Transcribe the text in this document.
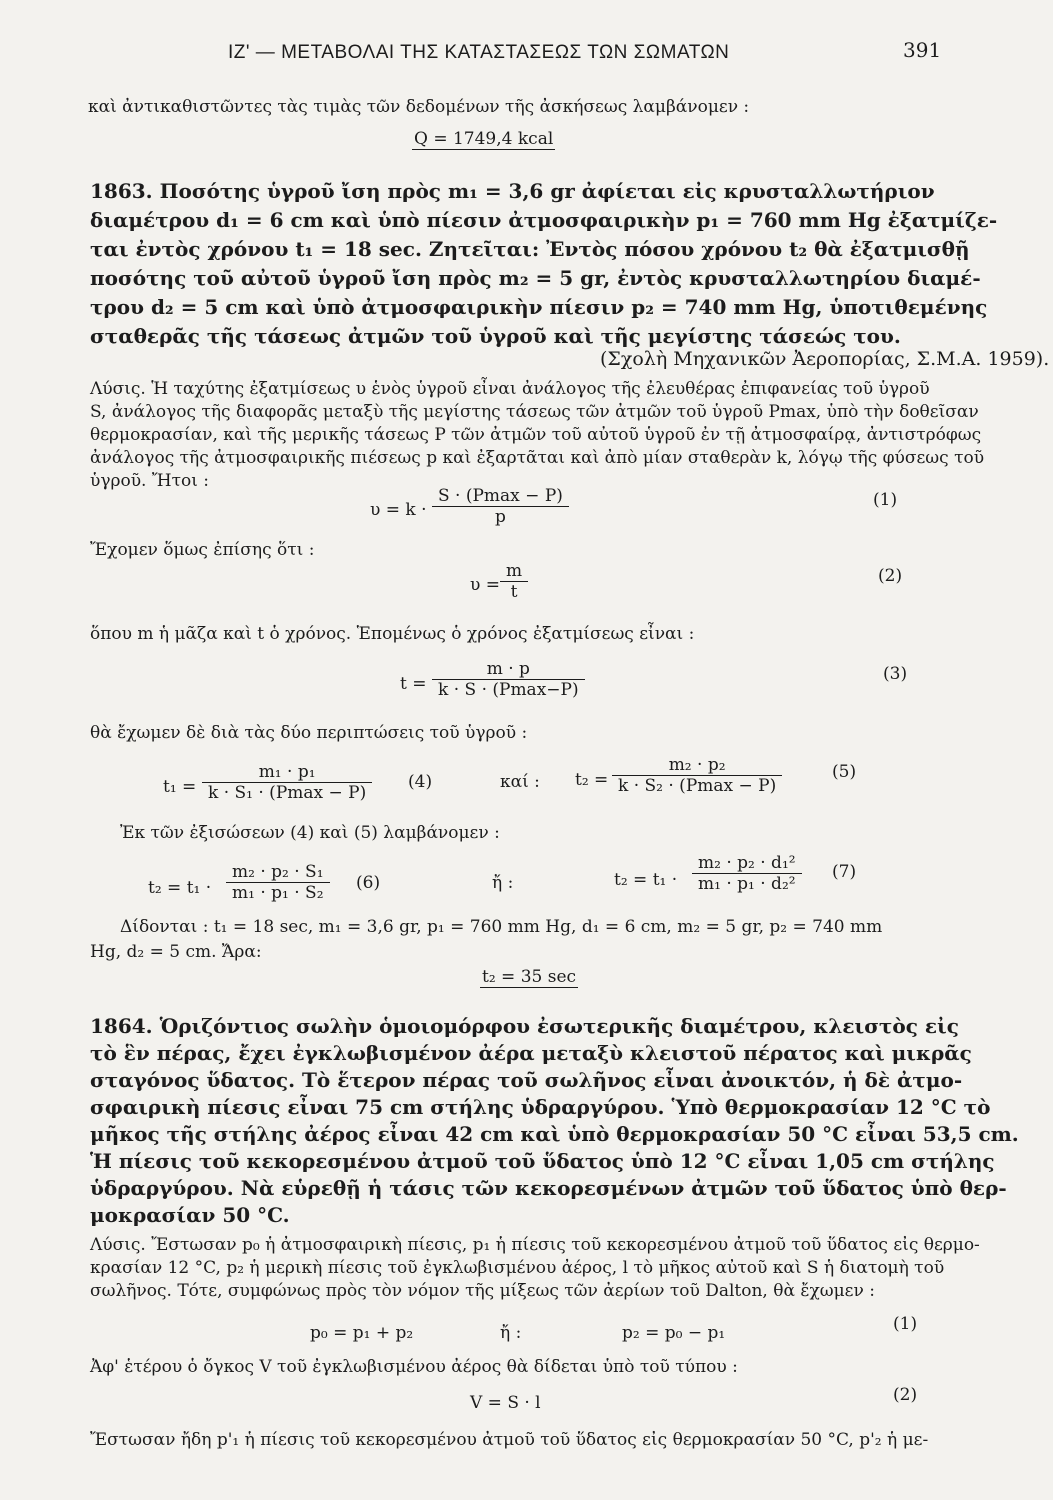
ΙΖ' — ΜΕΤΑΒΟΛΑΙ ΤΗΣ ΚΑΤΑΣΤΑΣΕΩΣ ΤΩΝ ΣΩΜΑΤΩΝ	391
καὶ ἀντικαθιστῶντες τὰς τιμὰς τῶν δεδομένων τῆς ἀσκήσεως λαμβάνομεν :
Q = 1749,4 kcal
1863. Ποσότης ὑγροῦ ἴση πρὸς m₁ = 3,6 gr ἀφίεται εἰς κρυσταλλωτήριον
διαμέτρου d₁ = 6 cm καὶ ὑπὸ πίεσιν ἀτμοσφαιρικὴν p₁ = 760 mm Hg ἐξατμίζε-
ται ἐντὸς χρόνου t₁ = 18 sec. Ζητεῖται: Ἐντὸς πόσου χρόνου t₂ θὰ ἐξατμισθῇ
ποσότης τοῦ αὐτοῦ ὑγροῦ ἴση πρὸς m₂ = 5 gr, ἐντὸς κρυσταλλωτηρίου διαμέ-
τρου d₂ = 5 cm καὶ ὑπὸ ἀτμοσφαιρικὴν πίεσιν p₂ = 740 mm Hg, ὑποτιθεμένης
σταθερᾶς τῆς τάσεως ἀτμῶν τοῦ ὑγροῦ καὶ τῆς μεγίστης τάσεώς του.
(Σχολὴ Μηχανικῶν Ἀεροπορίας, Σ.Μ.Α. 1959).
Λύσις. Ἡ ταχύτης ἐξατμίσεως υ ἑνὸς ὑγροῦ εἶναι ἀνάλογος τῆς ἐλευθέρας ἐπιφανείας τοῦ ὑγροῦ
S, ἀνάλογος τῆς διαφορᾶς μεταξὺ τῆς μεγίστης τάσεως τῶν ἀτμῶν τοῦ ὑγροῦ Pmax, ὑπὸ τὴν δοθεῖσαν
θερμοκρασίαν, καὶ τῆς μερικῆς τάσεως P τῶν ἀτμῶν τοῦ αὐτοῦ ὑγροῦ ἐν τῇ ἀτμοσφαίρᾳ, ἀντιστρόφως
ἀνάλογος τῆς ἀτμοσφαιρικῆς πιέσεως p καὶ ἐξαρτᾶται καὶ ἀπὸ μίαν σταθερὰν k, λόγῳ τῆς φύσεως τοῦ
ὑγροῦ. Ἤτοι :
υ = k ·
S · (Pmax − P)
p
(1)
Ἔχομεν ὅμως ἐπίσης ὅτι :
$\upsilon = \frac{m}{t}$	(2)
ὅπου m ἡ μᾶζα καὶ t ὁ χρόνος. Ἑπομένως ὁ χρόνος ἐξατμίσεως εἶναι :
t =
m · p
k · S · (Pmax−P)
(3)
θὰ ἔχωμεν δὲ διὰ τὰς δύο περιπτώσεις τοῦ ὑγροῦ :
t₁ =
m₁ · p₁
k · S₁ · (Pmax − P)
(4)	καί : t₂ =
m₂ · p₂
k · S₂ · (Pmax − P)
(5)
Ἐκ τῶν ἐξισώσεων (4) καὶ (5) λαμβάνομεν :
$t_2 = t_1 \cdot \frac{\text{m₂ · p₂ · S₁}}{\text{m₁ · p₁ · S₂}} (6)$	ἤ :	$t_2 = t_1 \cdot \frac{\text{m₂ · p₂ · d₁²}}{\text{m₁ · p₁ · d₂²}} (7)$
Δίδονται : t₁ = 18 sec, m₁ = 3,6 gr, p₁ = 760 mm Hg, d₁ = 6 cm, m₂ = 5 gr, p₂ = 740 mm
Hg, d₂ = 5 cm. Ἄρα:
t₂ = 35 sec
1864. Ὁριζόντιος σωλὴν ὁμοιομόρφου ἐσωτερικῆς διαμέτρου, κλειστὸς εἰς
τὸ ἓν πέρας, ἔχει ἐγκλωβισμένον ἀέρα μεταξὺ κλειστοῦ πέρατος καὶ μικρᾶς
σταγόνος ὕδατος. Τὸ ἕτερον πέρας τοῦ σωλῆνος εἶναι ἀνοικτόν, ἡ δὲ ἀτμο-
σφαιρικὴ πίεσις εἶναι 75 cm στήλης ὑδραργύρου. Ὑπὸ θερμοκρασίαν 12 °C τὸ
μῆκος τῆς στήλης ἀέρος εἶναι 42 cm καὶ ὑπὸ θερμοκρασίαν 50 °C εἶναι 53,5 cm.
Ἡ πίεσις τοῦ κεκορεσμένου ἀτμοῦ τοῦ ὕδατος ὑπὸ 12 °C εἶναι 1,05 cm στήλης
ὑδραργύρου. Νὰ εὑρεθῇ ἡ τάσις τῶν κεκορεσμένων ἀτμῶν τοῦ ὕδατος ὑπὸ θερ-
μοκρασίαν 50 °C.
Λύσις. Ἔστωσαν p₀ ἡ ἀτμοσφαιρικὴ πίεσις, p₁ ἡ πίεσις τοῦ κεκορεσμένου ἀτμοῦ τοῦ ὕδατος εἰς θερμο-
κρασίαν 12 °C, p₂ ἡ μερικὴ πίεσις τοῦ ἐγκλωβισμένου ἀέρος, l τὸ μῆκος αὐτοῦ καὶ S ἡ διατομὴ τοῦ
σωλῆνος. Τότε, συμφώνως πρὸς τὸν νόμον τῆς μίξεως τῶν ἀερίων τοῦ Dalton, θὰ ἔχωμεν :
p₀ = p₁ + p₂	ἤ :	p₂ = p₀ − p₁	(1)
Ἀφ' ἑτέρου ὁ ὄγκος V τοῦ ἐγκλωβισμένου ἀέρος θὰ δίδεται ὑπὸ τοῦ τύπου :
V = S · l	(2)
Ἔστωσαν ἤδη p'₁ ἡ πίεσις τοῦ κεκορεσμένου ἀτμοῦ τοῦ ὕδατος εἰς θερμοκρασίαν 50 °C, p'₂ ἡ με-
